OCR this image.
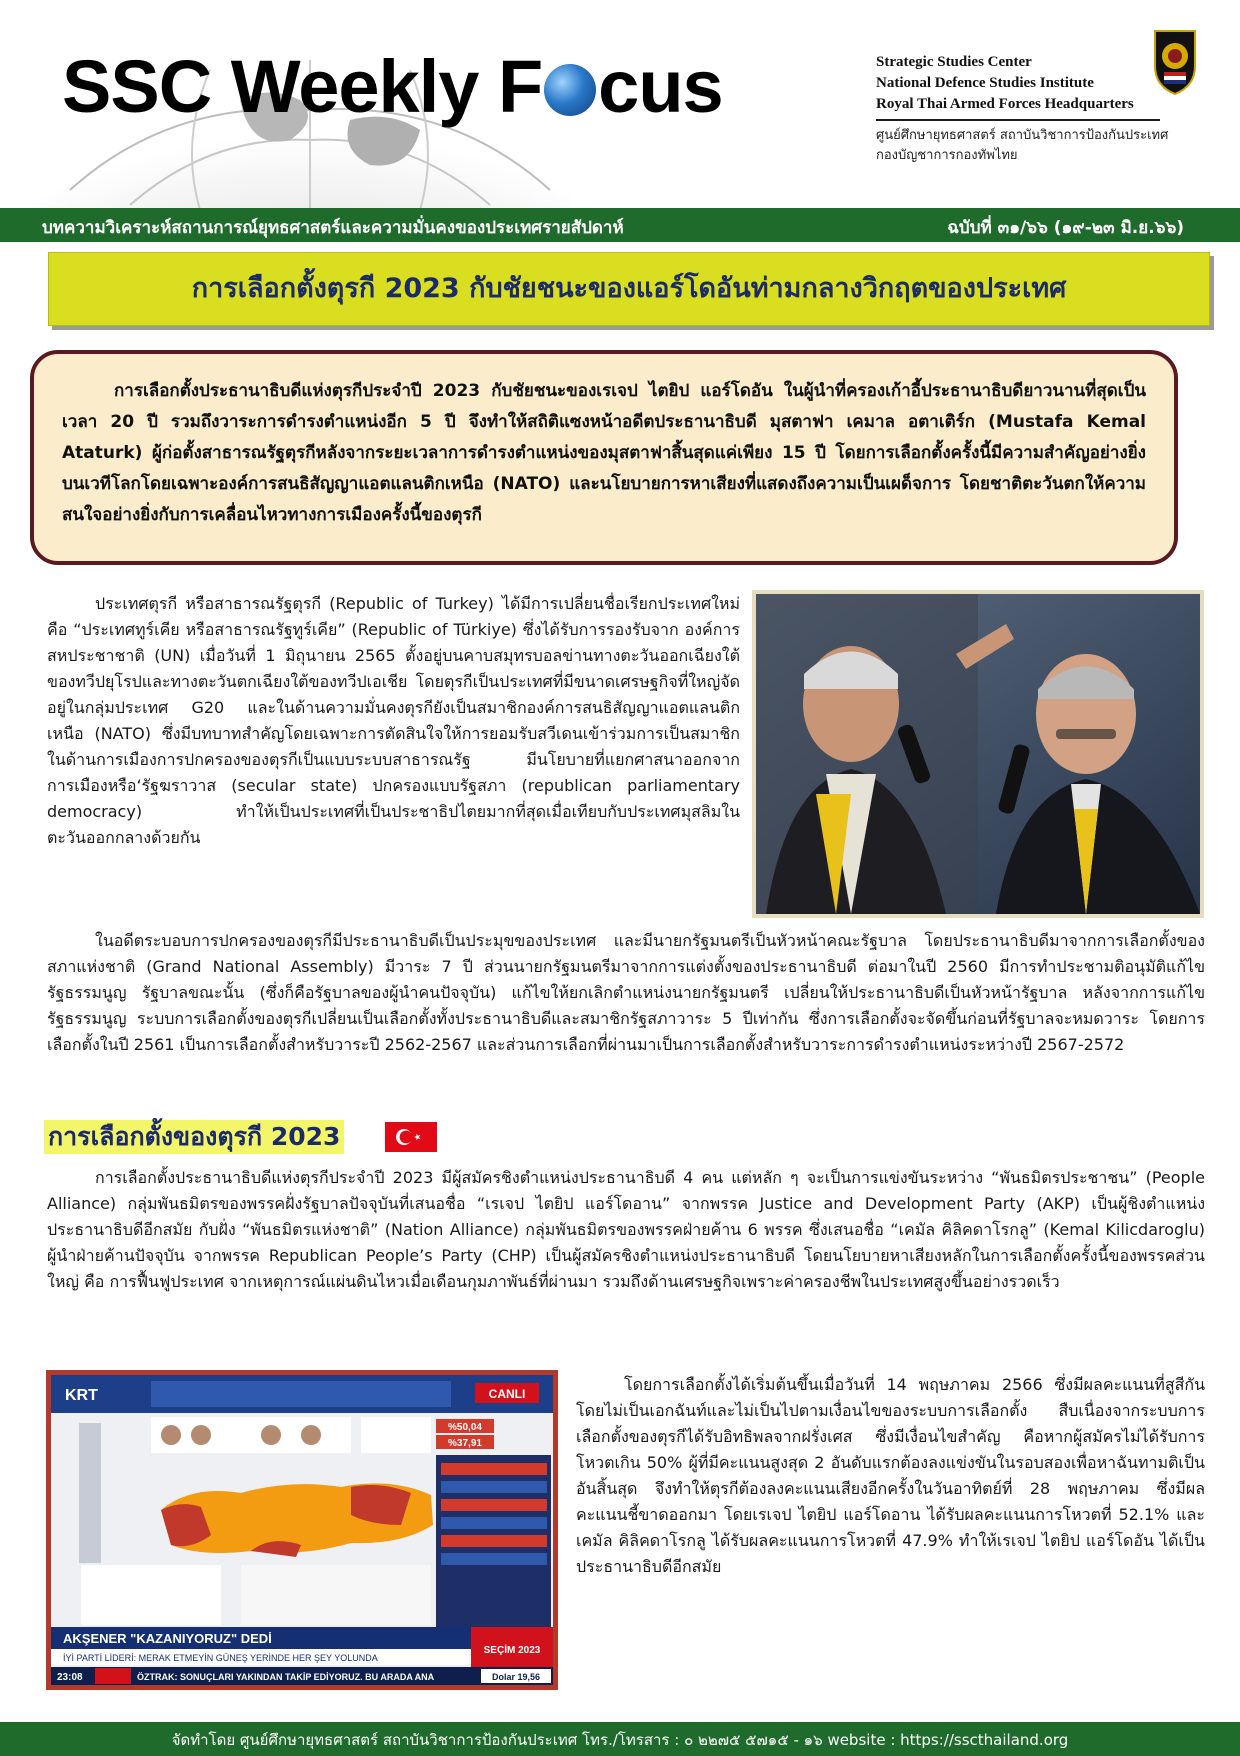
SSC Weekly F cus	Strategic Studies Center
National Defence Studies Institute
Royal Thai Armed Forces Headquarters
ศูนย์ศึกษายุทธศาสตร์ สถาบันวิชาการป้องกันประเทศ
กองบัญชาการกองทัพไทย
บทความวิเคราะห์สถานการณ์ยุทธศาสตร์และความมั่นคงของประเทศรายสัปดาห์	ฉบับที่ ๓๑/๖๖ (๑๙-๒๓ มิ.ย.๖๖)
การเลือกตั้งตุรกี 2023 กับชัยชนะของแอร์โดอันท่ามกลางวิกฤตของประเทศ

การเลือกตั้งประธานาธิบดีแห่งตุรกีประจำปี 2023 กับชัยชนะของเรเจป ไตยิป แอร์โดอัน ในผู้นำที่ครองเก้าอี้ประธานาธิบดียาวนานที่สุดเป็นเวลา 20 ปี รวมถึงวาระการดำรงตำแหน่งอีก 5 ปี จึงทำให้สถิติแซงหน้าอดีตประธานาธิบดี มุสตาฟา เคมาล อตาเติร์ก (Mustafa Kemal Ataturk) ผู้ก่อตั้งสาธารณรัฐตุรกีหลังจากระยะเวลาการดำรงตำแหน่งของมุสตาฟาสิ้นสุดแค่เพียง 15 ปี โดยการเลือกตั้งครั้งนี้มีความสำคัญอย่างยิ่งบนเวทีโลกโดยเฉพาะองค์การสนธิสัญญาแอตแลนติกเหนือ (NATO) และนโยบายการหาเสียงที่แสดงถึงความเป็นเผด็จการ โดยชาติตะวันตกให้ความสนใจอย่างยิ่งกับการเคลื่อนไหวทางการเมืองครั้งนี้ของตุรกี

ประเทศตุรกี หรือสาธารณรัฐตุรกี (Republic of Turkey) ได้มีการเปลี่ยนชื่อเรียกประเทศใหม่คือ “ประเทศทูร์เคีย หรือสาธารณรัฐทูร์เคีย” (Republic of Türkiye) ซึ่งได้รับการรองรับจาก องค์การสหประชาชาติ (UN) เมื่อวันที่ 1 มิถุนายน 2565 ตั้งอยู่บนคาบสมุทรบอลข่านทางตะวันออกเฉียงใต้ของทวีปยุโรปและทางตะวันตกเฉียงใต้ของทวีปเอเชีย โดยตุรกีเป็นประเทศที่มีขนาดเศรษฐกิจที่ใหญ่จัดอยู่ในกลุ่มประเทศ G20 และในด้านความมั่นคงตุรกียังเป็นสมาชิกองค์การสนธิสัญญาแอตแลนติกเหนือ (NATO) ซึ่งมีบทบาทสำคัญโดยเฉพาะการตัดสินใจให้การยอมรับสวีเดนเข้าร่วมการเป็นสมาชิก ในด้านการเมืองการปกครองของตุรกีเป็นแบบระบบสาธารณรัฐ มีนโยบายที่แยกศาสนาออกจากการเมืองหรือ‘รัฐฆราวาส (secular state) ปกครองแบบรัฐสภา (republican parliamentary democracy) ทำให้เป็นประเทศที่เป็นประชาธิปไตยมากที่สุดเมื่อเทียบกับประเทศมุสลิมในตะวันออกกลางด้วยกัน

ในอดีตระบอบการปกครองของตุรกีมีประธานาธิบดีเป็นประมุขของประเทศ และมีนายกรัฐมนตรีเป็นหัวหน้าคณะรัฐบาล โดยประธานาธิบดีมาจากการเลือกตั้งของสภาแห่งชาติ (Grand National Assembly) มีวาระ 7 ปี ส่วนนายกรัฐมนตรีมาจากการแต่งตั้งของประธานาธิบดี ต่อมาในปี 2560 มีการทำประชามติอนุมัติแก้ไขรัฐธรรมนูญ รัฐบาลขณะนั้น (ซึ่งก็คือรัฐบาลของผู้นำคนปัจจุบัน) แก้ไขให้ยกเลิกตำแหน่งนายกรัฐมนตรี เปลี่ยนให้ประธานาธิบดีเป็นหัวหน้ารัฐบาล หลังจากการแก้ไขรัฐธรรมนูญ ระบบการเลือกตั้งของตุรกีเปลี่ยนเป็นเลือกตั้งทั้งประธานาธิบดีและสมาชิกรัฐสภาวาระ 5 ปีเท่ากัน ซึ่งการเลือกตั้งจะจัดขึ้นก่อนที่รัฐบาลจะหมดวาระ โดยการเลือกตั้งในปี 2561 เป็นการเลือกตั้งสำหรับวาระปี 2562-2567 และส่วนการเลือกที่ผ่านมาเป็นการเลือกตั้งสำหรับวาระการดำรงตำแหน่งระหว่างปี 2567-2572

การเลือกตั้งของตุรกี 2023

การเลือกตั้งประธานาธิบดีแห่งตุรกีประจำปี 2023 มีผู้สมัครชิงตำแหน่งประธานาธิบดี 4 คน แต่หลัก ๆ จะเป็นการแข่งขันระหว่าง “พันธมิตรประชาชน” (People Alliance) กลุ่มพันธมิตรของพรรคฝั่งรัฐบาลปัจจุบันที่เสนอชื่อ “เรเจป ไตยิป แอร์โดอาน” จากพรรค Justice and Development Party (AKP) เป็นผู้ชิงตำแหน่งประธานาธิบดีอีกสมัย กับฝั่ง “พันธมิตรแห่งชาติ” (Nation Alliance) กลุ่มพันธมิตรของพรรคฝ่ายค้าน 6 พรรค ซึ่งเสนอชื่อ “เคมัล คิลิคดาโรกลู” (Kemal Kilicdaroglu) ผู้นำฝ่ายค้านปัจจุบัน จากพรรค Republican People’s Party (CHP) เป็นผู้สมัครชิงตำแหน่งประธานาธิบดี โดยนโยบายหาเสียงหลักในการเลือกตั้งครั้งนี้ของพรรคส่วนใหญ่ คือ การฟื้นฟูประเทศ จากเหตุการณ์แผ่นดินไหวเมื่อเดือนกุมภาพันธ์ที่ผ่านมา รวมถึงด้านเศรษฐกิจเพราะค่าครองชีพในประเทศสูงขึ้นอย่างรวดเร็ว

KRT	CANLI
%50,04
%37,91
AKŞENER "KAZANIYORUZ" DEDİ
SEÇİM 2023
İYİ PARTİ LİDERİ: MERAK ETMEYİN GÜNEŞ YERİNDE HER ŞEY YOLUNDA
23:08	ÖZTRAK: SONUÇLARI YAKINDAN TAKİP EDİYORUZ. BU ARADA ANA	Dolar 19,56

โดยการเลือกตั้งได้เริ่มต้นขึ้นเมื่อวันที่ 14 พฤษภาคม 2566 ซึ่งมีผลคะแนนที่สูสีกันโดยไม่เป็นเอกฉันท์และไม่เป็นไปตามเงื่อนไขของระบบการเลือกตั้ง สืบเนื่องจากระบบการเลือกตั้งของตุรกีได้รับอิทธิพลจากฝรั่งเศส ซึ่งมีเงื่อนไขสำคัญ คือหากผู้สมัครไม่ได้รับการโหวตเกิน 50% ผู้ที่มีคะแนนสูงสุด 2 อันดับแรกต้องลงแข่งขันในรอบสองเพื่อหาฉันทามติเป็นอันสิ้นสุด จึงทำให้ตุรกีต้องลงคะแนนเสียงอีกครั้งในวันอาทิตย์ที่ 28 พฤษภาคม ซึ่งมีผลคะแนนชี้ขาดออกมา โดยเรเจป ไตยิป แอร์โดอาน ได้รับผลคะแนนการโหวตที่ 52.1% และเคมัล คิลิคดาโรกลู ได้รับผลคะแนนการโหวตที่ 47.9% ทำให้เรเจป ไตยิป แอร์โดอัน ได้เป็นประธานาธิบดีอีกสมัย

จัดทำโดย ศูนย์ศึกษายุทธศาสตร์ สถาบันวิชาการป้องกันประเทศ โทร./โทรสาร : ๐ ๒๒๗๕ ๕๗๑๕ - ๑๖ website : https://sscthailand.org
